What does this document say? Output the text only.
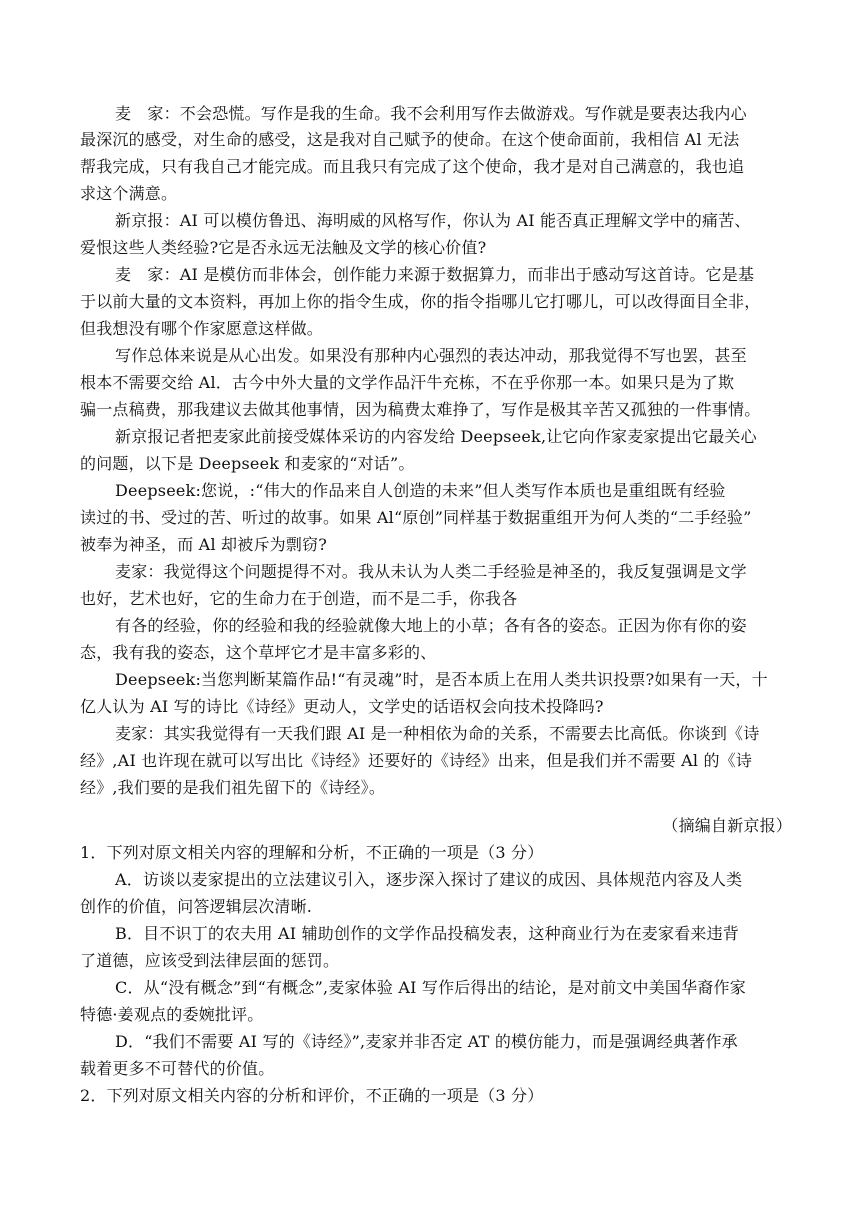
麦　家：不会恐慌。写作是我的生命。我不会利用写作去做游戏。写作就是要表达我内心
最深沉的感受，对生命的感受，这是我对自己赋予的使命。在这个使命面前，我相信 Al 无法
帮我完成，只有我自己才能完成。而且我只有完成了这个使命，我才是对自己满意的，我也追
求这个满意。
新京报：AI 可以模仿鲁迅、海明威的风格写作，你认为 AI 能否真正理解文学中的痛苦、
爱恨这些人类经验?它是否永远无法触及文学的核心价值?
麦　家：AI 是模仿而非体会，创作能力来源于数据算力，而非出于感动写这首诗。它是基
于以前大量的文本资料，再加上你的指令生成，你的指令指哪儿它打哪儿，可以改得面目全非，
但我想没有哪个作家愿意这样做。
写作总体来说是从心出发。如果没有那种内心强烈的表达冲动，那我觉得不写也罢，甚至
根本不需要交给 Al．古今中外大量的文学作品汗牛充栋，不在乎你那一本。如果只是为了欺
骗一点稿费，那我建议去做其他事情，因为稿费太难挣了，写作是极其辛苦又孤独的一件事情。
新京报记者把麦家此前接受媒体采访的内容发给 Deepseek,让它向作家麦家提出它最关心
的问题，以下是 Deepseek 和麦家的“对话”。
Deepseek:您说，:“伟大的作品来自人创造的未来”但人类写作本质也是重组既有经验
读过的书、受过的苦、听过的故事。如果 Al“原创”同样基于数据重组开为何人类的“二手经验”
被奉为神圣，而 Al 却被斥为剽窃?
麦家：我觉得这个问题提得不对。我从未认为人类二手经验是神圣的，我反复强调是文学
也好，艺术也好，它的生命力在于创造，而不是二手，你我各
有各的经验，你的经验和我的经验就像大地上的小草；各有各的姿态。正因为你有你的姿
态，我有我的姿态，这个草坪它才是丰富多彩的、
Deepseek:当您判断某篇作品!“有灵魂”时，是否本质上在用人类共识投票?如果有一天，十
亿人认为 AI 写的诗比《诗经》更动人，文学史的话语权会向技术投降吗?
麦家：其实我觉得有一天我们跟 AI 是一种相依为命的关系，不需要去比高低。你谈到《诗
经》,AI 也许现在就可以写出比《诗经》还要好的《诗经》出来，但是我们并不需要 Al 的《诗
经》,我们要的是我们祖先留下的《诗经》。
（摘编自新京报）
1．下列对原文相关内容的理解和分析，不正确的一项是（3 分）
A．访谈以麦家提出的立法建议引入，逐步深入探讨了建议的成因、具体规范内容及人类
创作的价值，问答逻辑层次清晰.
B．目不识丁的农夫用 AI 辅助创作的文学作品投稿发表，这种商业行为在麦家看来违背
了道德，应该受到法律层面的惩罚。
C．从“没有概念”到“有概念”,麦家体验 AI 写作后得出的结论，是对前文中美国华裔作家
特德·姜观点的委婉批评。
D．“我们不需要 AI 写的《诗经》”,麦家并非否定 AT 的模仿能力，而是强调经典著作承
载着更多不可替代的价值。
2．下列对原文相关内容的分析和评价，不正确的一项是（3 分）
